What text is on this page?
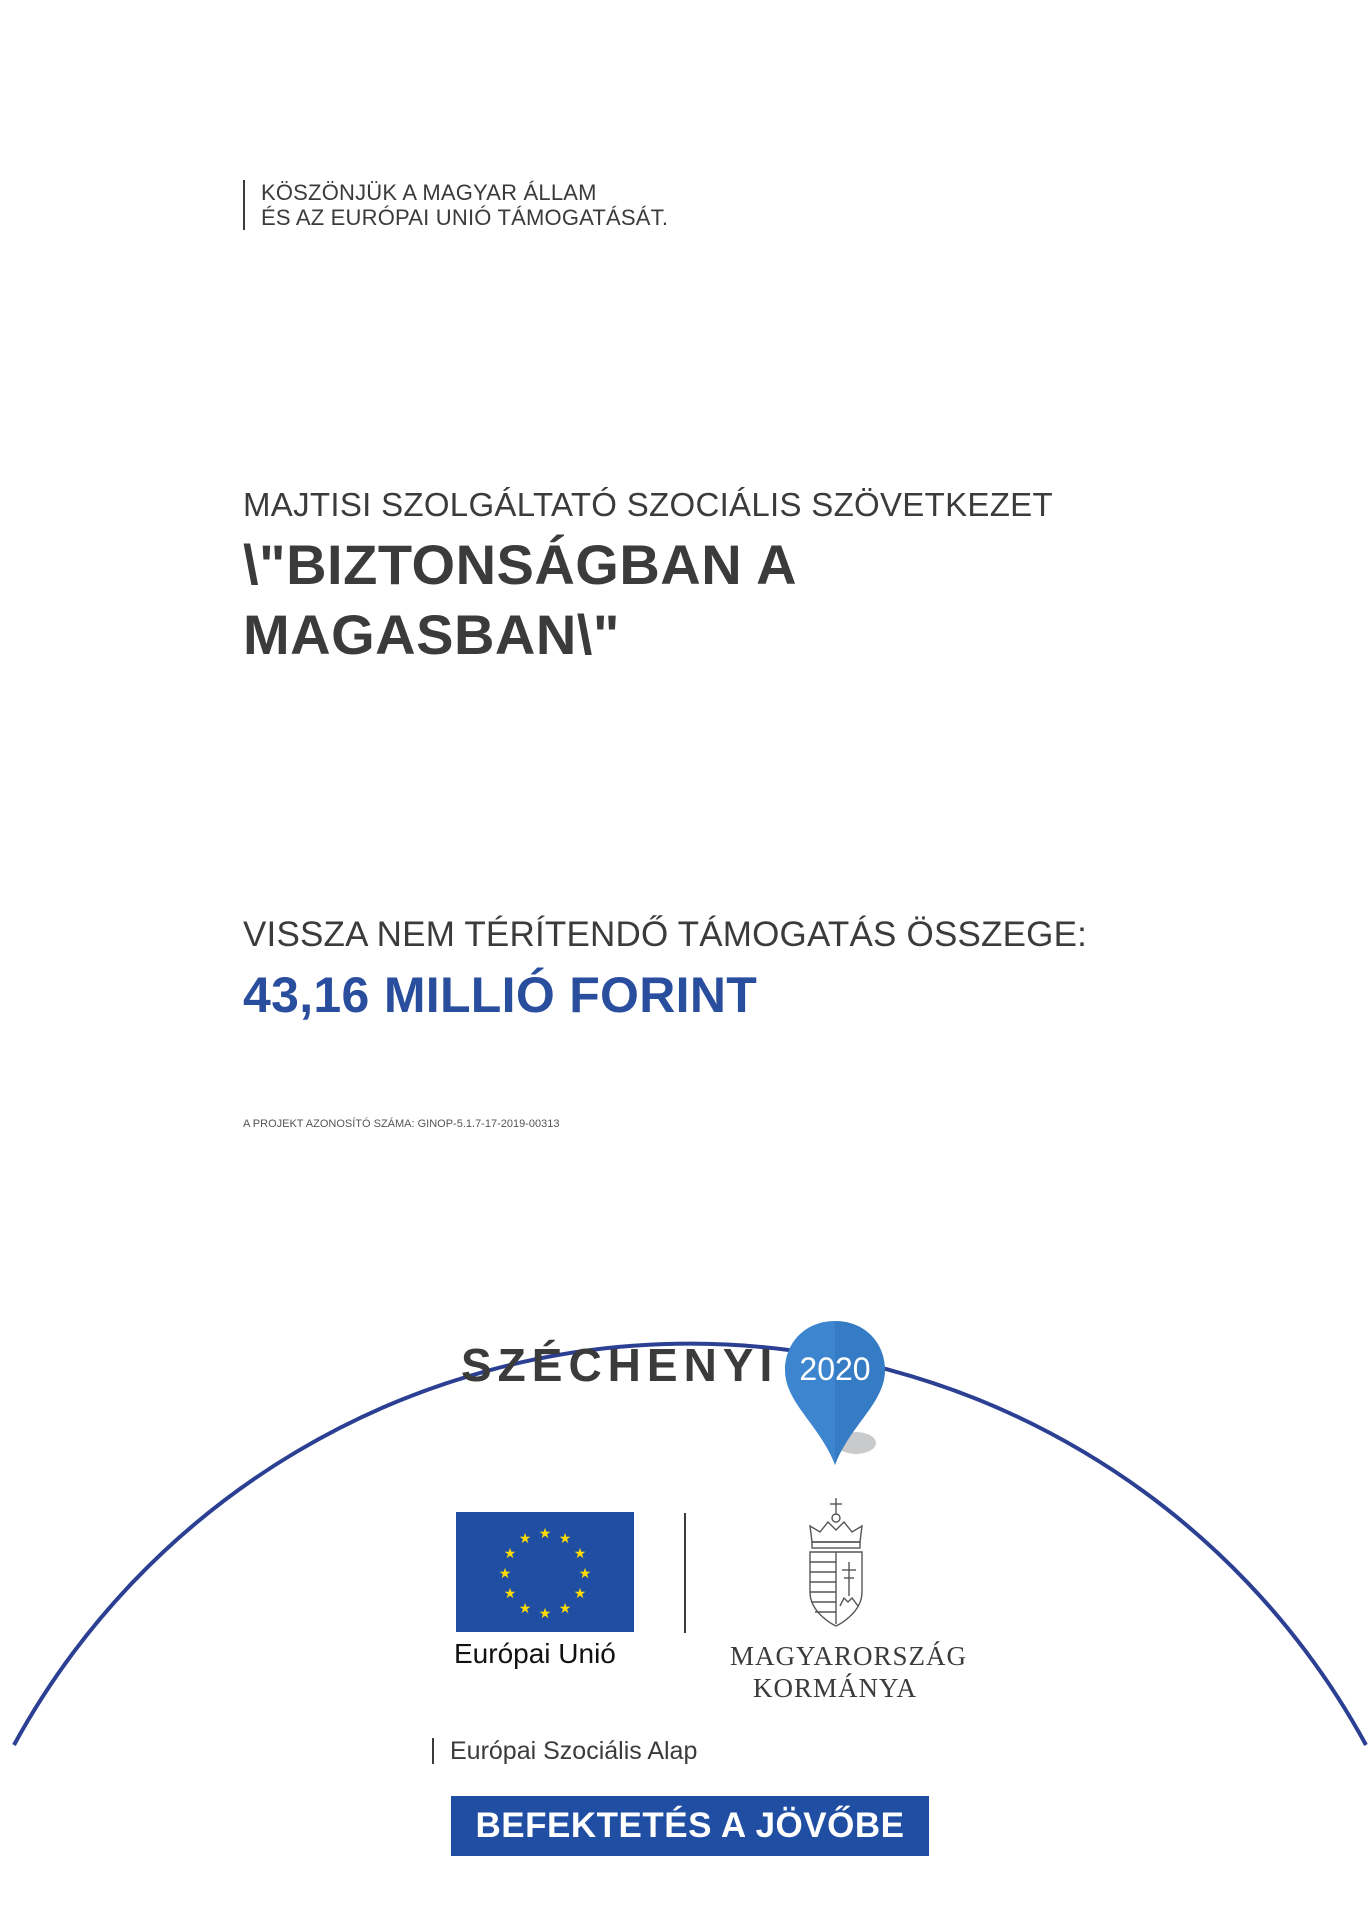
KÖSZÖNJÜK A MAGYAR ÁLLAM
ÉS AZ EURÓPAI UNIÓ TÁMOGATÁSÁT.
MAJTISI SZOLGÁLTATÓ SZOCIÁLIS SZÖVETKEZET
\"BIZTONSÁGBAN A
MAGASBAN\"
VISSZA NEM TÉRÍTENDŐ TÁMOGATÁS ÖSSZEGE:
43,16 MILLIÓ FORINT
A PROJEKT AZONOSÍTÓ SZÁMA: GINOP-5.1.7-17-2019-00313
SZÉCHENYI 2020
★ ★
★
★
★
★
★
★
★
★
★
★
Európai Unió	MAGYARORSZÁG
KORMÁNYA
Európai Szociális Alap
BEFEKTETÉS A JÖVŐBE
